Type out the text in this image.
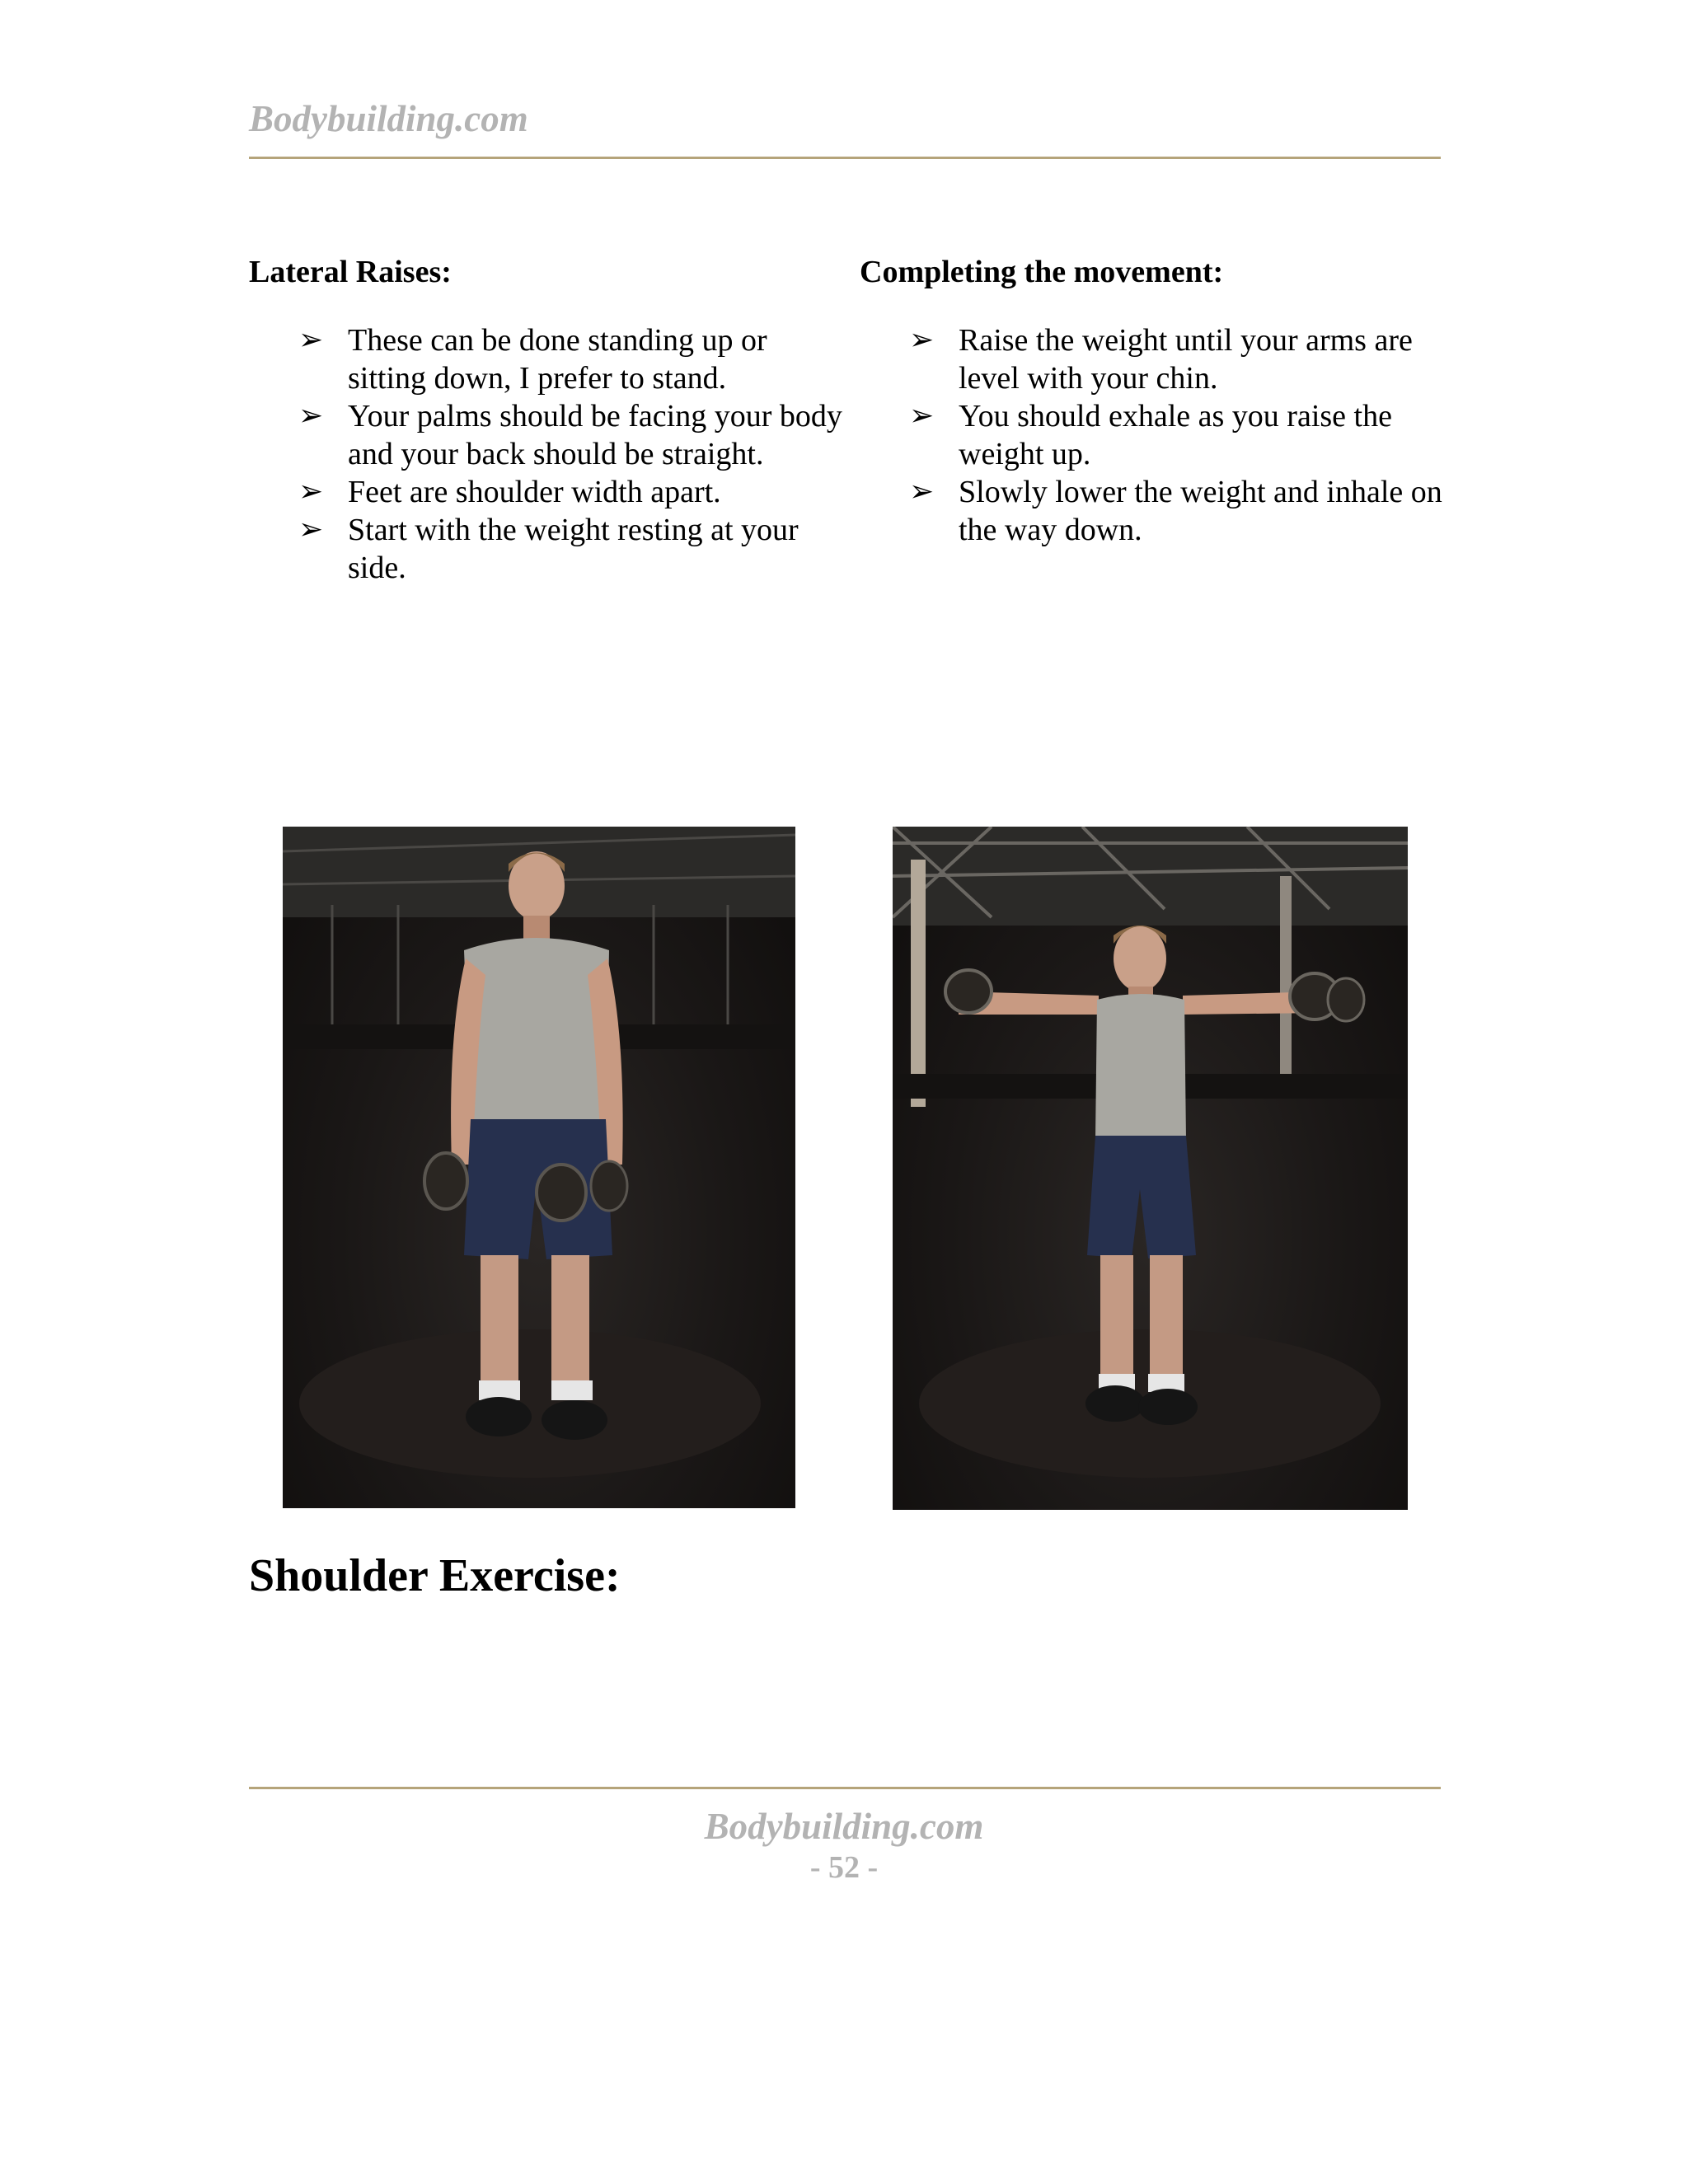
Bodybuilding.com
Lateral Raises:
➢ These can be done standing up or sitting down, I prefer to stand.
➢ Your palms should be facing your body and your back should be straight.
➢ Feet are shoulder width apart.
➢ Start with the weight resting at your side.
Completing the movement:
➢ Raise the weight until your arms are level with your chin.
➢ You should exhale as you raise the weight up.
➢ Slowly lower the weight and inhale on the way down.
Shoulder Exercise:
Bodybuilding.com
- 52 -
